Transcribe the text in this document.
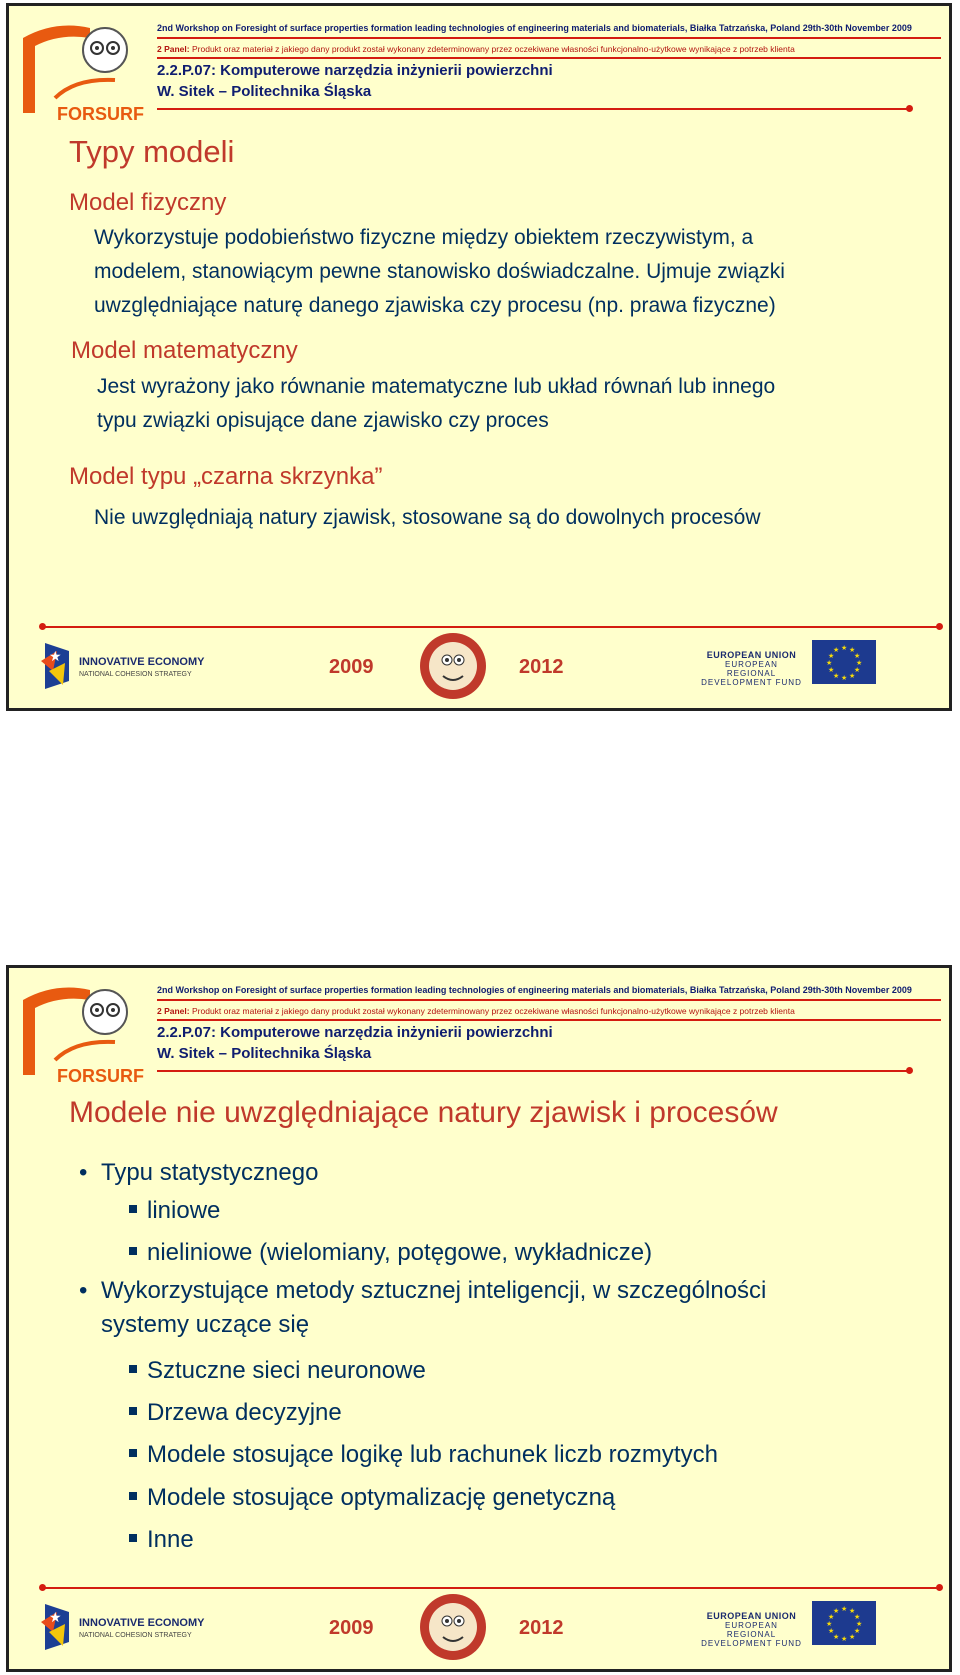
FORSURF
2nd Workshop on Foresight of surface properties formation leading technologies of engineering materials and biomaterials, Białka Tatrzańska, Poland 29th-30th November 2009
2 Panel: Produkt oraz materiał z jakiego dany produkt został wykonany zdeterminowany przez oczekiwane własności funkcjonalno-użytkowe wynikające z potrzeb klienta
2.2.P.07: Komputerowe narzędzia inżynierii powierzchni
W. Sitek – Politechnika Śląska
Typy modeli
Model fizyczny
Wykorzystuje podobieństwo fizyczne między obiektem rzeczywistym, a
modelem, stanowiącym pewne stanowisko doświadczalne. Ujmuje związki
uwzględniające naturę danego zjawiska czy procesu (np. prawa fizyczne)
Model matematyczny
Jest wyrażony jako równanie matematyczne lub układ równań lub innego
typu związki opisujące dane zjawisko czy proces
Model typu „czarna skrzynka”
Nie uwzględniają natury zjawisk, stosowane są do dowolnych procesów
★ INNOVATIVE ECONOMY
NATIONAL COHESION STRATEGY	2009	2012
EUROPEAN UNION
EUROPEAN REGIONAL
DEVELOPMENT FUND
★ ★
★
★
★
★
★
★
★
★
★
★
FORSURF
2nd Workshop on Foresight of surface properties formation leading technologies of engineering materials and biomaterials, Białka Tatrzańska, Poland 29th-30th November 2009
2 Panel: Produkt oraz materiał z jakiego dany produkt został wykonany zdeterminowany przez oczekiwane własności funkcjonalno-użytkowe wynikające z potrzeb klienta
2.2.P.07: Komputerowe narzędzia inżynierii powierzchni
W. Sitek – Politechnika Śląska
Modele nie uwzględniające natury zjawisk i procesów
• Typu statystycznego
liniowe
nieliniowe (wielomiany, potęgowe, wykładnicze)
• Wykorzystujące metody sztucznej inteligencji, w szczególności systemy uczące się
Sztuczne sieci neuronowe
Drzewa decyzyjne
Modele stosujące logikę lub rachunek liczb rozmytych
Modele stosujące optymalizację genetyczną
Inne
★ INNOVATIVE ECONOMY
NATIONAL COHESION STRATEGY	2009	2012
EUROPEAN UNION
EUROPEAN REGIONAL
DEVELOPMENT FUND
★ ★
★
★
★
★
★
★
★
★
★
★
